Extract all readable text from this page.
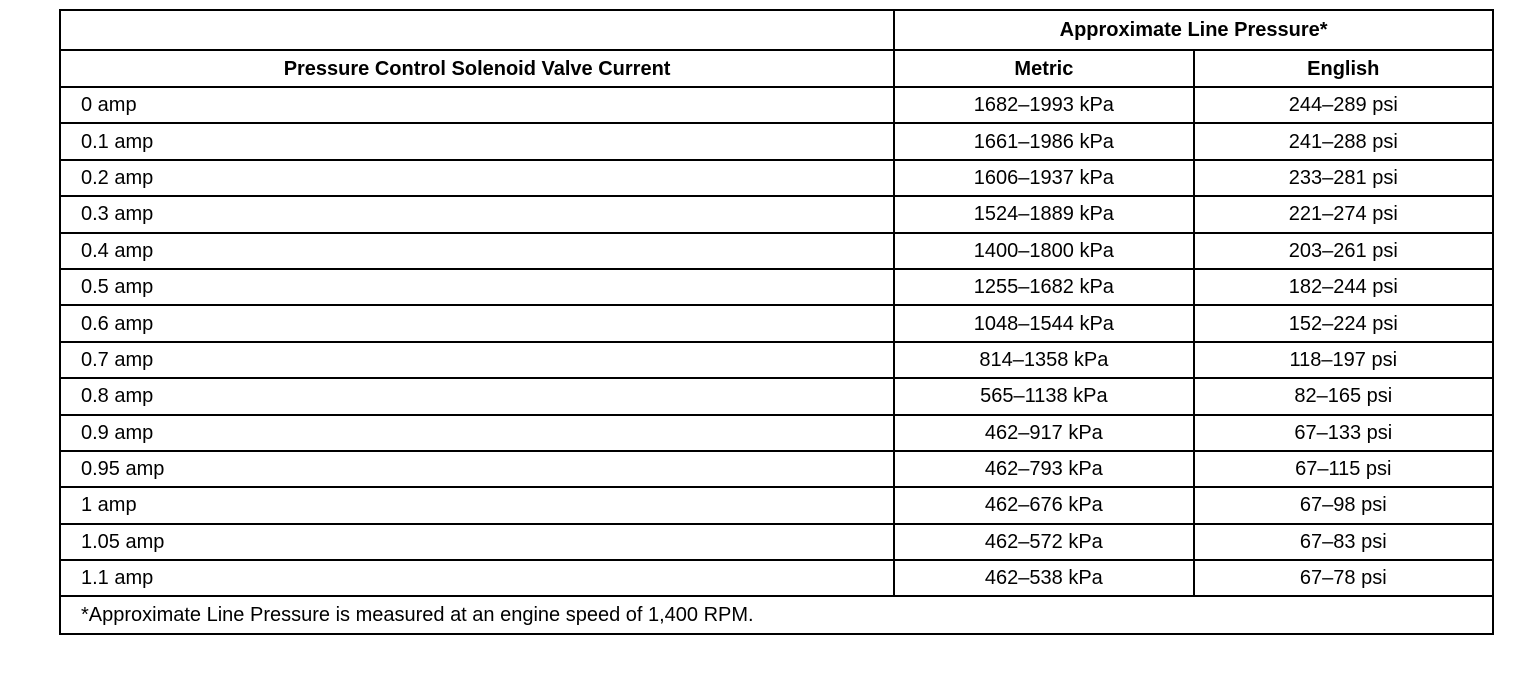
	Approximate Line Pressure*	
Pressure Control Solenoid Valve Current	Metric	English
0 amp	1682–1993 kPa	244–289 psi
0.1 amp	1661–1986 kPa	241–288 psi
0.2 amp	1606–1937 kPa	233–281 psi
0.3 amp	1524–1889 kPa	221–274 psi
0.4 amp	1400–1800 kPa	203–261 psi
0.5 amp	1255–1682 kPa	182–244 psi
0.6 amp	1048–1544 kPa	152–224 psi
0.7 amp	814–1358 kPa	118–197 psi
0.8 amp	565–1138 kPa	82–165 psi
0.9 amp	462–917 kPa	67–133 psi
0.95 amp	462–793 kPa	67–115 psi
1 amp	462–676 kPa	67–98 psi
1.05 amp	462–572 kPa	67–83 psi
1.1 amp	462–538 kPa	67–78 psi
*Approximate Line Pressure is measured at an engine speed of 1,400 RPM.		
